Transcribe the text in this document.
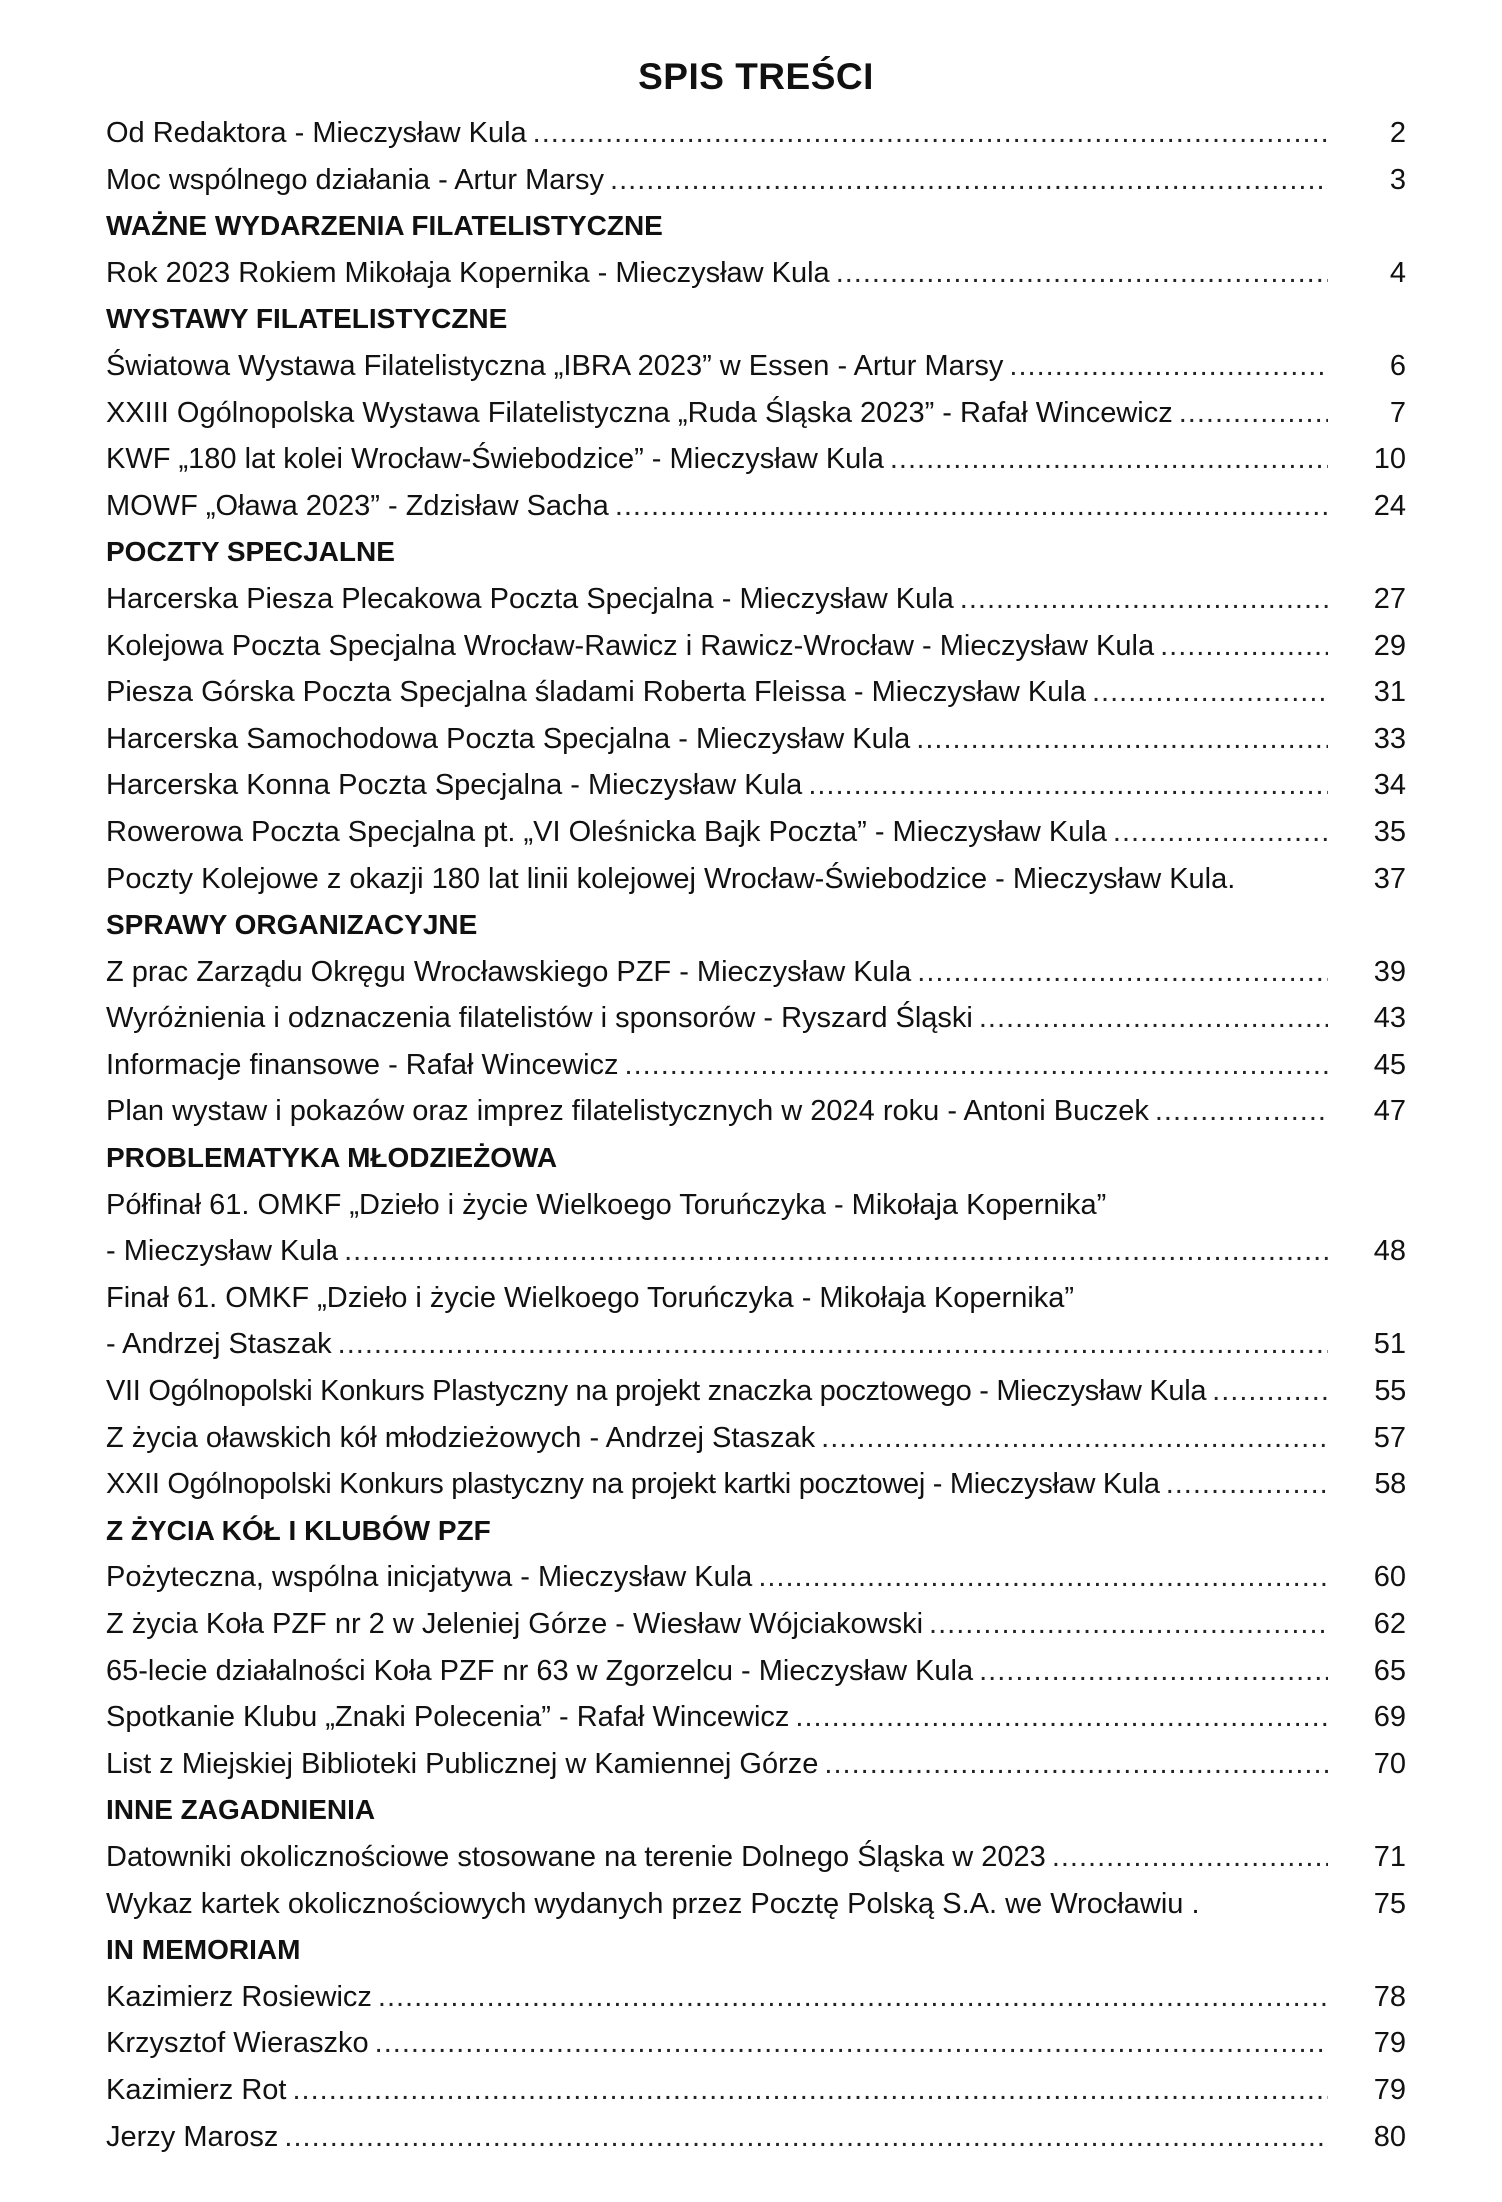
SPIS TREŚCI
Od Redaktora - Mieczysław Kula .....	2
Moc wspólnego działania - Artur Marsy .....	3
WAŻNE WYDARZENIA FILATELISTYCZNE
Rok 2023 Rokiem Mikołaja Kopernika - Mieczysław Kula .....	4
WYSTAWY FILATELISTYCZNE
Światowa Wystawa Filatelistyczna „IBRA 2023” w Essen - Artur Marsy .....	6
XXIII Ogólnopolska Wystawa Filatelistyczna „Ruda Śląska 2023” - Rafał Wincewicz .....	7
KWF „180 lat kolei Wrocław-Świebodzice” - Mieczysław Kula .....	10
MOWF „Oława 2023” - Zdzisław Sacha .....	24
POCZTY SPECJALNE
Harcerska Piesza Plecakowa Poczta Specjalna - Mieczysław Kula .....	27
Kolejowa Poczta Specjalna Wrocław-Rawicz i Rawicz-Wrocław - Mieczysław Kula .....	29
Piesza Górska Poczta Specjalna śladami Roberta Fleissa - Mieczysław Kula .....	31
Harcerska Samochodowa Poczta Specjalna - Mieczysław Kula .....	33
Harcerska Konna Poczta Specjalna - Mieczysław Kula .....	34
Rowerowa Poczta Specjalna pt. „VI Oleśnicka Bajk Poczta” - Mieczysław Kula .....	35
Poczty Kolejowe z okazji 180 lat linii kolejowej Wrocław-Świebodzice - Mieczysław Kula.	37
SPRAWY ORGANIZACYJNE
Z prac Zarządu Okręgu Wrocławskiego PZF - Mieczysław Kula .....	39
Wyróżnienia i odznaczenia filatelistów i sponsorów - Ryszard Śląski .....	43
Informacje finansowe - Rafał Wincewicz .....	45
Plan wystaw i pokazów oraz imprez filatelistycznych w 2024 roku - Antoni Buczek .....	47
PROBLEMATYKA MŁODZIEŻOWA
Półfinał 61. OMKF „Dzieło i życie Wielkoego Toruńczyka - Mikołaja Kopernika”
- Mieczysław Kula .....	48
Finał 61. OMKF „Dzieło i życie Wielkoego Toruńczyka - Mikołaja Kopernika”
- Andrzej Staszak .....	51
VII Ogólnopolski Konkurs Plastyczny na projekt znaczka pocztowego - Mieczysław Kula .....	55
Z życia oławskich kół młodzieżowych - Andrzej Staszak .....	57
XXII Ogólnopolski Konkurs plastyczny na projekt kartki pocztowej - Mieczysław Kula .....	58
Z ŻYCIA KÓŁ I KLUBÓW PZF
Pożyteczna, wspólna inicjatywa - Mieczysław Kula .....	60
Z życia Koła PZF nr 2 w Jeleniej Górze - Wiesław Wójciakowski .....	62
65-lecie działalności Koła PZF nr 63 w Zgorzelcu - Mieczysław Kula .....	65
Spotkanie Klubu „Znaki Polecenia” - Rafał Wincewicz .....	69
List z Miejskiej Biblioteki Publicznej w Kamiennej Górze .....	70
INNE ZAGADNIENIA
Datowniki okolicznościowe stosowane na terenie Dolnego Śląska w 2023 .....	71
Wykaz kartek okolicznościowych wydanych przez Pocztę Polską S.A. we Wrocławiu .	75
IN MEMORIAM
Kazimierz Rosiewicz .....	78
Krzysztof Wieraszko .....	79
Kazimierz Rot .....	79
Jerzy Marosz .....	80
